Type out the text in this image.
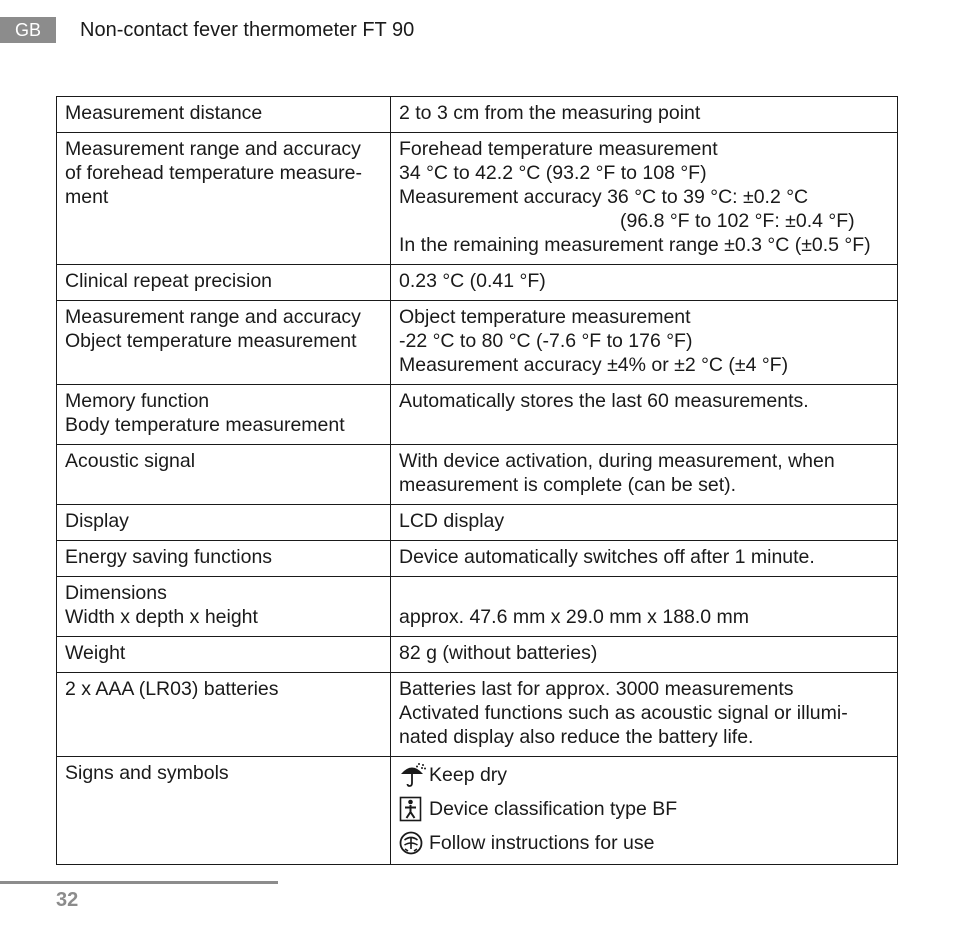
GB	Non-contact fever thermometer FT 90
Measurement distance	2 to 3 cm from the measuring point

Measurement range and accuracy
of forehead temperature measure-
ment	Forehead temperature measurement
34 °C to 42.2 °C (93.2 °F to 108 °F)
Measurement accuracy 36 °C to 39 °C: ±0.2 °C
(96.8 °F to 102 °F: ±0.4 °F)
In the remaining measurement range ±0.3 °C (±0.5 °F)

Clinical repeat precision	0.23 °C (0.41 °F)

Measurement range and accuracy
Object temperature measurement	Object temperature measurement
-22 °C to 80 °C (-7.6 °F to 176 °F)
Measurement accuracy ±4% or ±2 °C (±4 °F)

Memory function
Body temperature measurement	Automatically stores the last 60 measurements.

Acoustic signal	With device activation, during measurement, when
measurement is complete (can be set).

Display	LCD display

Energy saving functions	Device automatically switches off after 1 minute.

Dimensions
Width x depth x height	approx. 47.6 mm x 29.0 mm x 188.0 mm

Weight	82 g (without batteries)

2 x AAA (LR03) batteries	Batteries last for approx. 3000 measurements
Activated functions such as acoustic signal or illumi-
nated display also reduce the battery life.

Signs and symbols	Keep dry
Device classification type BF
Follow instructions for use
32
